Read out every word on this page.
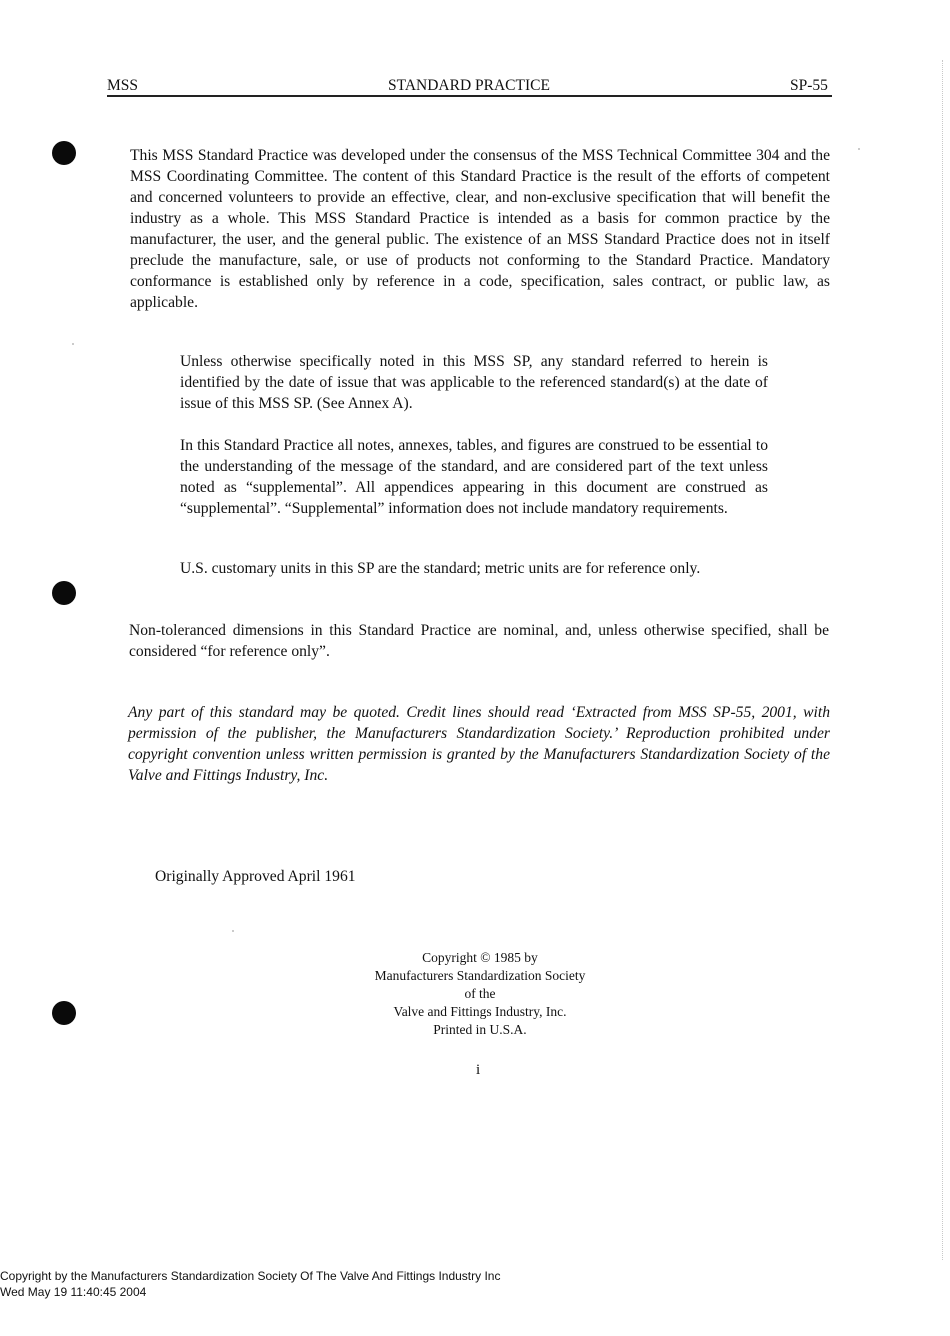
MSS	STANDARD PRACTICE	SP-55
This MSS Standard Practice was developed under the consensus of the MSS Technical Committee 304 and the MSS Coordinating Committee. The content of this Standard Practice is the result of the efforts of competent and concerned volunteers to provide an effective, clear, and non-exclusive specification that will benefit the industry as a whole. This MSS Standard Practice is intended as a basis for common practice by the manufacturer, the user, and the general public. The existence of an MSS Standard Practice does not in itself preclude the manufacture, sale, or use of products not conforming to the Standard Practice. Mandatory conformance is established only by reference in a code, specification, sales contract, or public law, as applicable.
Unless otherwise specifically noted in this MSS SP, any standard referred to herein is identified by the date of issue that was applicable to the referenced standard(s) at the date of issue of this MSS SP. (See Annex A).
In this Standard Practice all notes, annexes, tables, and figures are construed to be essential to the understanding of the message of the standard, and are considered part of the text unless noted as “supplemental”. All appendices appearing in this document are construed as “supplemental”. “Supplemental” information does not include mandatory requirements.
U.S. customary units in this SP are the standard; metric units are for reference only.
Non-toleranced dimensions in this Standard Practice are nominal, and, unless otherwise specified, shall be considered “for reference only”.
Any part of this standard may be quoted. Credit lines should read ‘Extracted from MSS SP-55, 2001, with permission of the publisher, the Manufacturers Standardization Society.’ Reproduction prohibited under copyright convention unless written permission is granted by the Manufacturers Standardization Society of the Valve and Fittings Industry, Inc.
Originally Approved April 1961
Copyright © 1985 by
Manufacturers Standardization Society
of the
Valve and Fittings Industry, Inc.
Printed in U.S.A.
i
Copyright by the Manufacturers Standardization Society Of The Valve And Fittings Industry Inc
Wed May 19 11:40:45 2004
